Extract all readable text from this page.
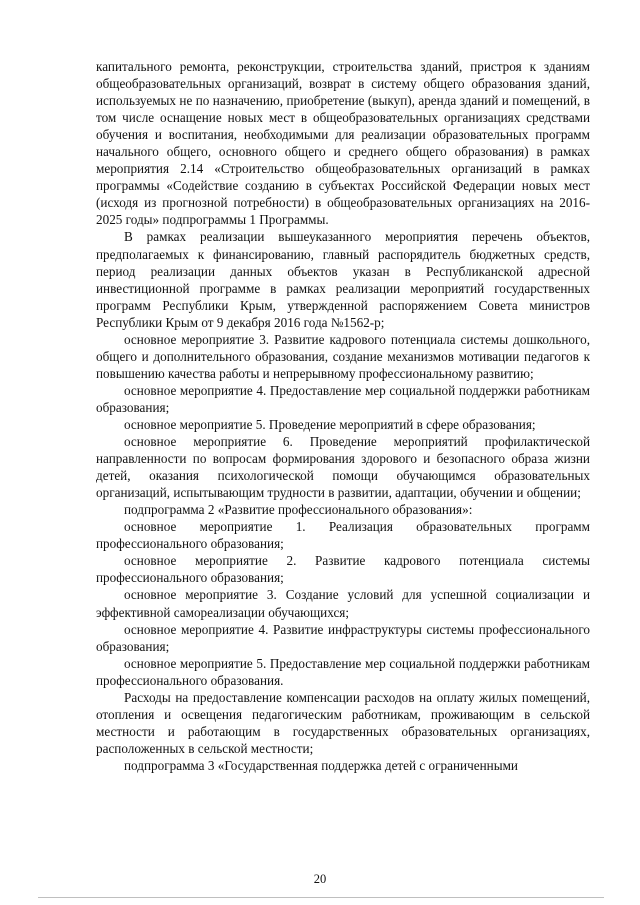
капитального ремонта, реконструкции, строительства зданий, пристроя к зданиям общеобразовательных организаций, возврат в систему общего образования зданий, используемых не по назначению, приобретение (выкуп), аренда зданий и помещений, в том числе оснащение новых мест в общеобразовательных организациях средствами обучения и воспитания, необходимыми для реализации образовательных программ начального общего, основного общего и среднего общего образования) в рамках мероприятия 2.14 «Строительство общеобразовательных организаций в рамках программы «Содействие созданию в субъектах Российской Федерации новых мест (исходя из прогнозной потребности) в общеобразовательных организациях на 2016-2025 годы» подпрограммы 1 Программы.

В рамках реализации вышеуказанного мероприятия перечень объектов, предполагаемых к финансированию, главный распорядитель бюджетных средств, период реализации данных объектов указан в Республиканской адресной инвестиционной программе в рамках реализации мероприятий государственных программ Республики Крым, утвержденной распоряжением Совета министров Республики Крым от 9 декабря 2016 года №1562-р;

основное мероприятие 3. Развитие кадрового потенциала системы дошкольного, общего и дополнительного образования, создание механизмов мотивации педагогов к повышению качества работы и непрерывному профессиональному развитию;

основное мероприятие 4. Предоставление мер социальной поддержки работникам образования;

основное мероприятие 5. Проведение мероприятий в сфере образования;

основное мероприятие 6. Проведение мероприятий профилактической направленности по вопросам формирования здорового и безопасного образа жизни детей, оказания психологической помощи обучающимся образовательных организаций, испытывающим трудности в развитии, адаптации, обучении и общении;

подпрограмма 2 «Развитие профессионального образования»:

основное мероприятие 1. Реализация образовательных программ профессионального образования;

основное мероприятие 2. Развитие кадрового потенциала системы профессионального образования;

основное мероприятие 3. Создание условий для успешной социализации и эффективной самореализации обучающихся;

основное мероприятие 4. Развитие инфраструктуры системы профессионального образования;

основное мероприятие 5. Предоставление мер социальной поддержки работникам профессионального образования.

Расходы на предоставление компенсации расходов на оплату жилых помещений, отопления и освещения педагогическим работникам, проживающим в сельской местности и работающим в государственных образовательных организациях, расположенных в сельской местности;

подпрограмма 3 «Государственная поддержка детей с ограниченными

20
